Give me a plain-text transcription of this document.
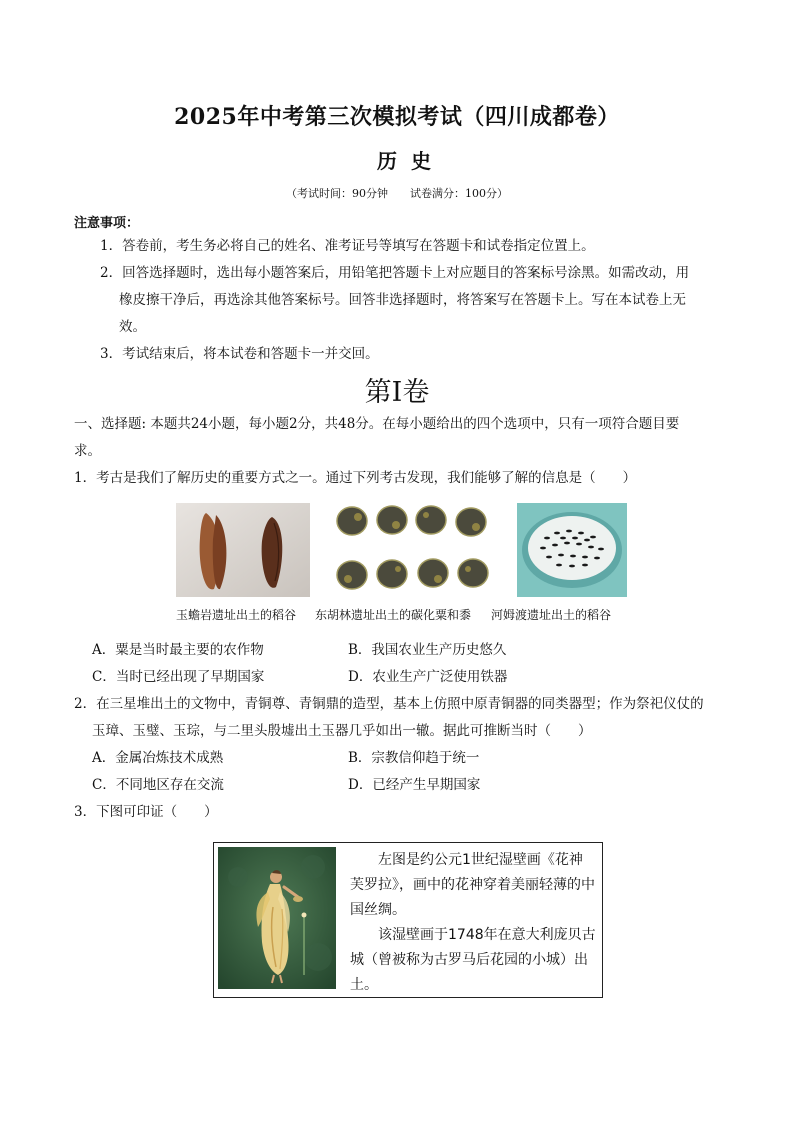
2025年中考第三次模拟考试（四川成都卷）
历史
（考试时间：90分钟　　试卷满分：100分）
注意事项：
1．答卷前，考生务必将自己的姓名、准考证号等填写在答题卡和试卷指定位置上。
2．回答选择题时，选出每小题答案后，用铅笔把答题卡上对应题目的答案标号涂黑。如需改动，用
橡皮擦干净后，再选涂其他答案标号。回答非选择题时，将答案写在答题卡上。写在本试卷上无
效。
3．考试结束后，将本试卷和答题卡一并交回。
第Ⅰ卷
一、选择题: 本题共24小题，每小题2分，共48分。在每小题给出的四个选项中，只有一项符合题目要
求。
1．考古是我们了解历史的重要方式之一。通过下列考古发现，我们能够了解的信息是（　　）
玉蟾岩遗址出土的稻谷 东胡林遗址出土的碳化粟和黍 河姆渡遗址出土的稻谷
A．粟是当时最主要的农作物	B．我国农业生产历史悠久
C．当时已经出现了早期国家	D．农业生产广泛使用铁器
2．在三星堆出土的文物中，青铜尊、青铜鼎的造型，基本上仿照中原青铜器的同类器型；作为祭祀仪仗的
玉璋、玉璧、玉琮，与二里头殷墟出土玉器几乎如出一辙。据此可推断当时（　　）
A．金属冶炼技术成熟	B．宗教信仰趋于统一
C．不同地区存在交流	D．已经产生早期国家
3．下图可印证（　　）

左图是约公元1世纪湿壁画《花神芙罗拉》，画中的花神穿着美丽轻薄的中国丝绸。

该湿壁画于1748年在意大利庞贝古城（曾被称为古罗马后花园的小城）出土。
